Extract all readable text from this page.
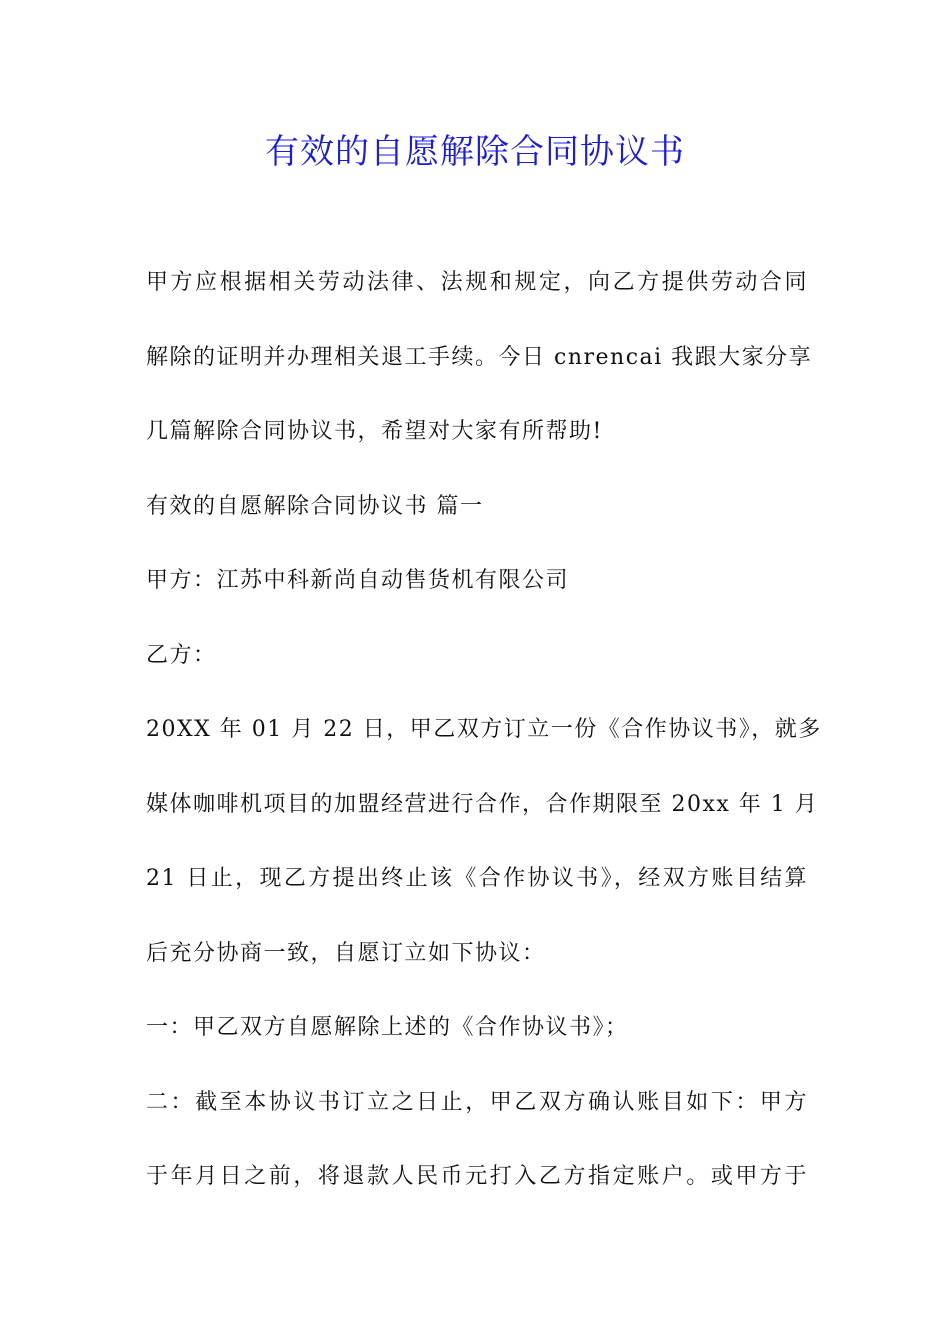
有效的自愿解除合同协议书
甲方应根据相关劳动法律、法规和规定，向乙方提供劳动合同
解除的证明并办理相关退工手续。今日 cnrencai 我跟大家分享
几篇解除合同协议书，希望对大家有所帮助!
有效的自愿解除合同协议书 篇一
甲方：江苏中科新尚自动售货机有限公司
乙方：
20XX 年 01 月 22 日，甲乙双方订立一份《合作协议书》，就多
媒体咖啡机项目的加盟经营进行合作，合作期限至 20xx 年 1 月
21 日止，现乙方提出终止该《合作协议书》，经双方账目结算
后充分协商一致，自愿订立如下协议：
一：甲乙双方自愿解除上述的《合作协议书》；
二：截至本协议书订立之日止，甲乙双方确认账目如下：甲方
于年月日之前，将退款人民币元打入乙方指定账户。或甲方于
